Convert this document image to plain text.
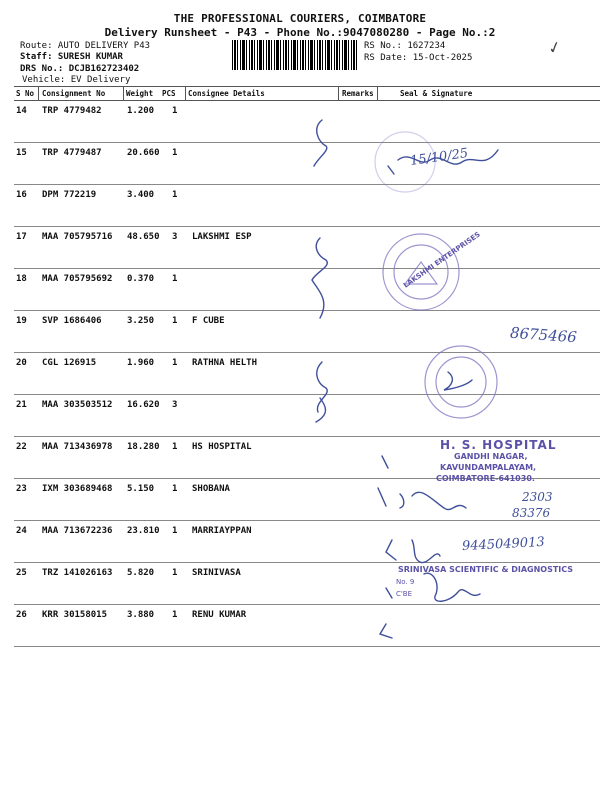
THE PROFESSIONAL COURIERS, COIMBATORE
Delivery Runsheet - P43 - Phone No.:9047080280 - Page No.:2
Route: AUTO DELIVERY P43
Staff: SURESH KUMAR
DRS No.: DCJB162723402
Vehicle: EV Delivery
RS No.: 1627234
RS Date: 15-Oct-2025	✓
S No Consignment No	Weight PCS Consignee Details	Remarks	Seal & Signature
14 TRP 4779482	1.200 1
15 TRP 4779487	20.660 1
16 DPM 772219	3.400 1
17 MAA 705795716 48.650 3 LAKSHMI ESP
18 MAA 705795692 0.370 1
19 SVP 1686406	3.250 1 F CUBE
20 CGL 126915	1.960 1 RATHNA HELTH
21 MAA 303503512 16.620 3
22 MAA 713436978 18.280 1 HS HOSPITAL
23 IXM 303689468 5.150 1 SHOBANA
24 MAA 713672236 23.810 1 MARRIAYPPAN
25 TRZ 141026163 5.820 1 SRINIVASA
26 KRR 30158015 3.880 1 RENU KUMAR
15/10/25
LAKSHMI ENTERPRISES
8675466
H. S. HOSPITAL
GANDHI NAGAR,
KAVUNDAMPALAYAM,
COIMBATORE-641030.
2303
83376
9445049013
SRINIVASA SCIENTIFIC & DIAGNOSTICS
No. 9
C'BE
